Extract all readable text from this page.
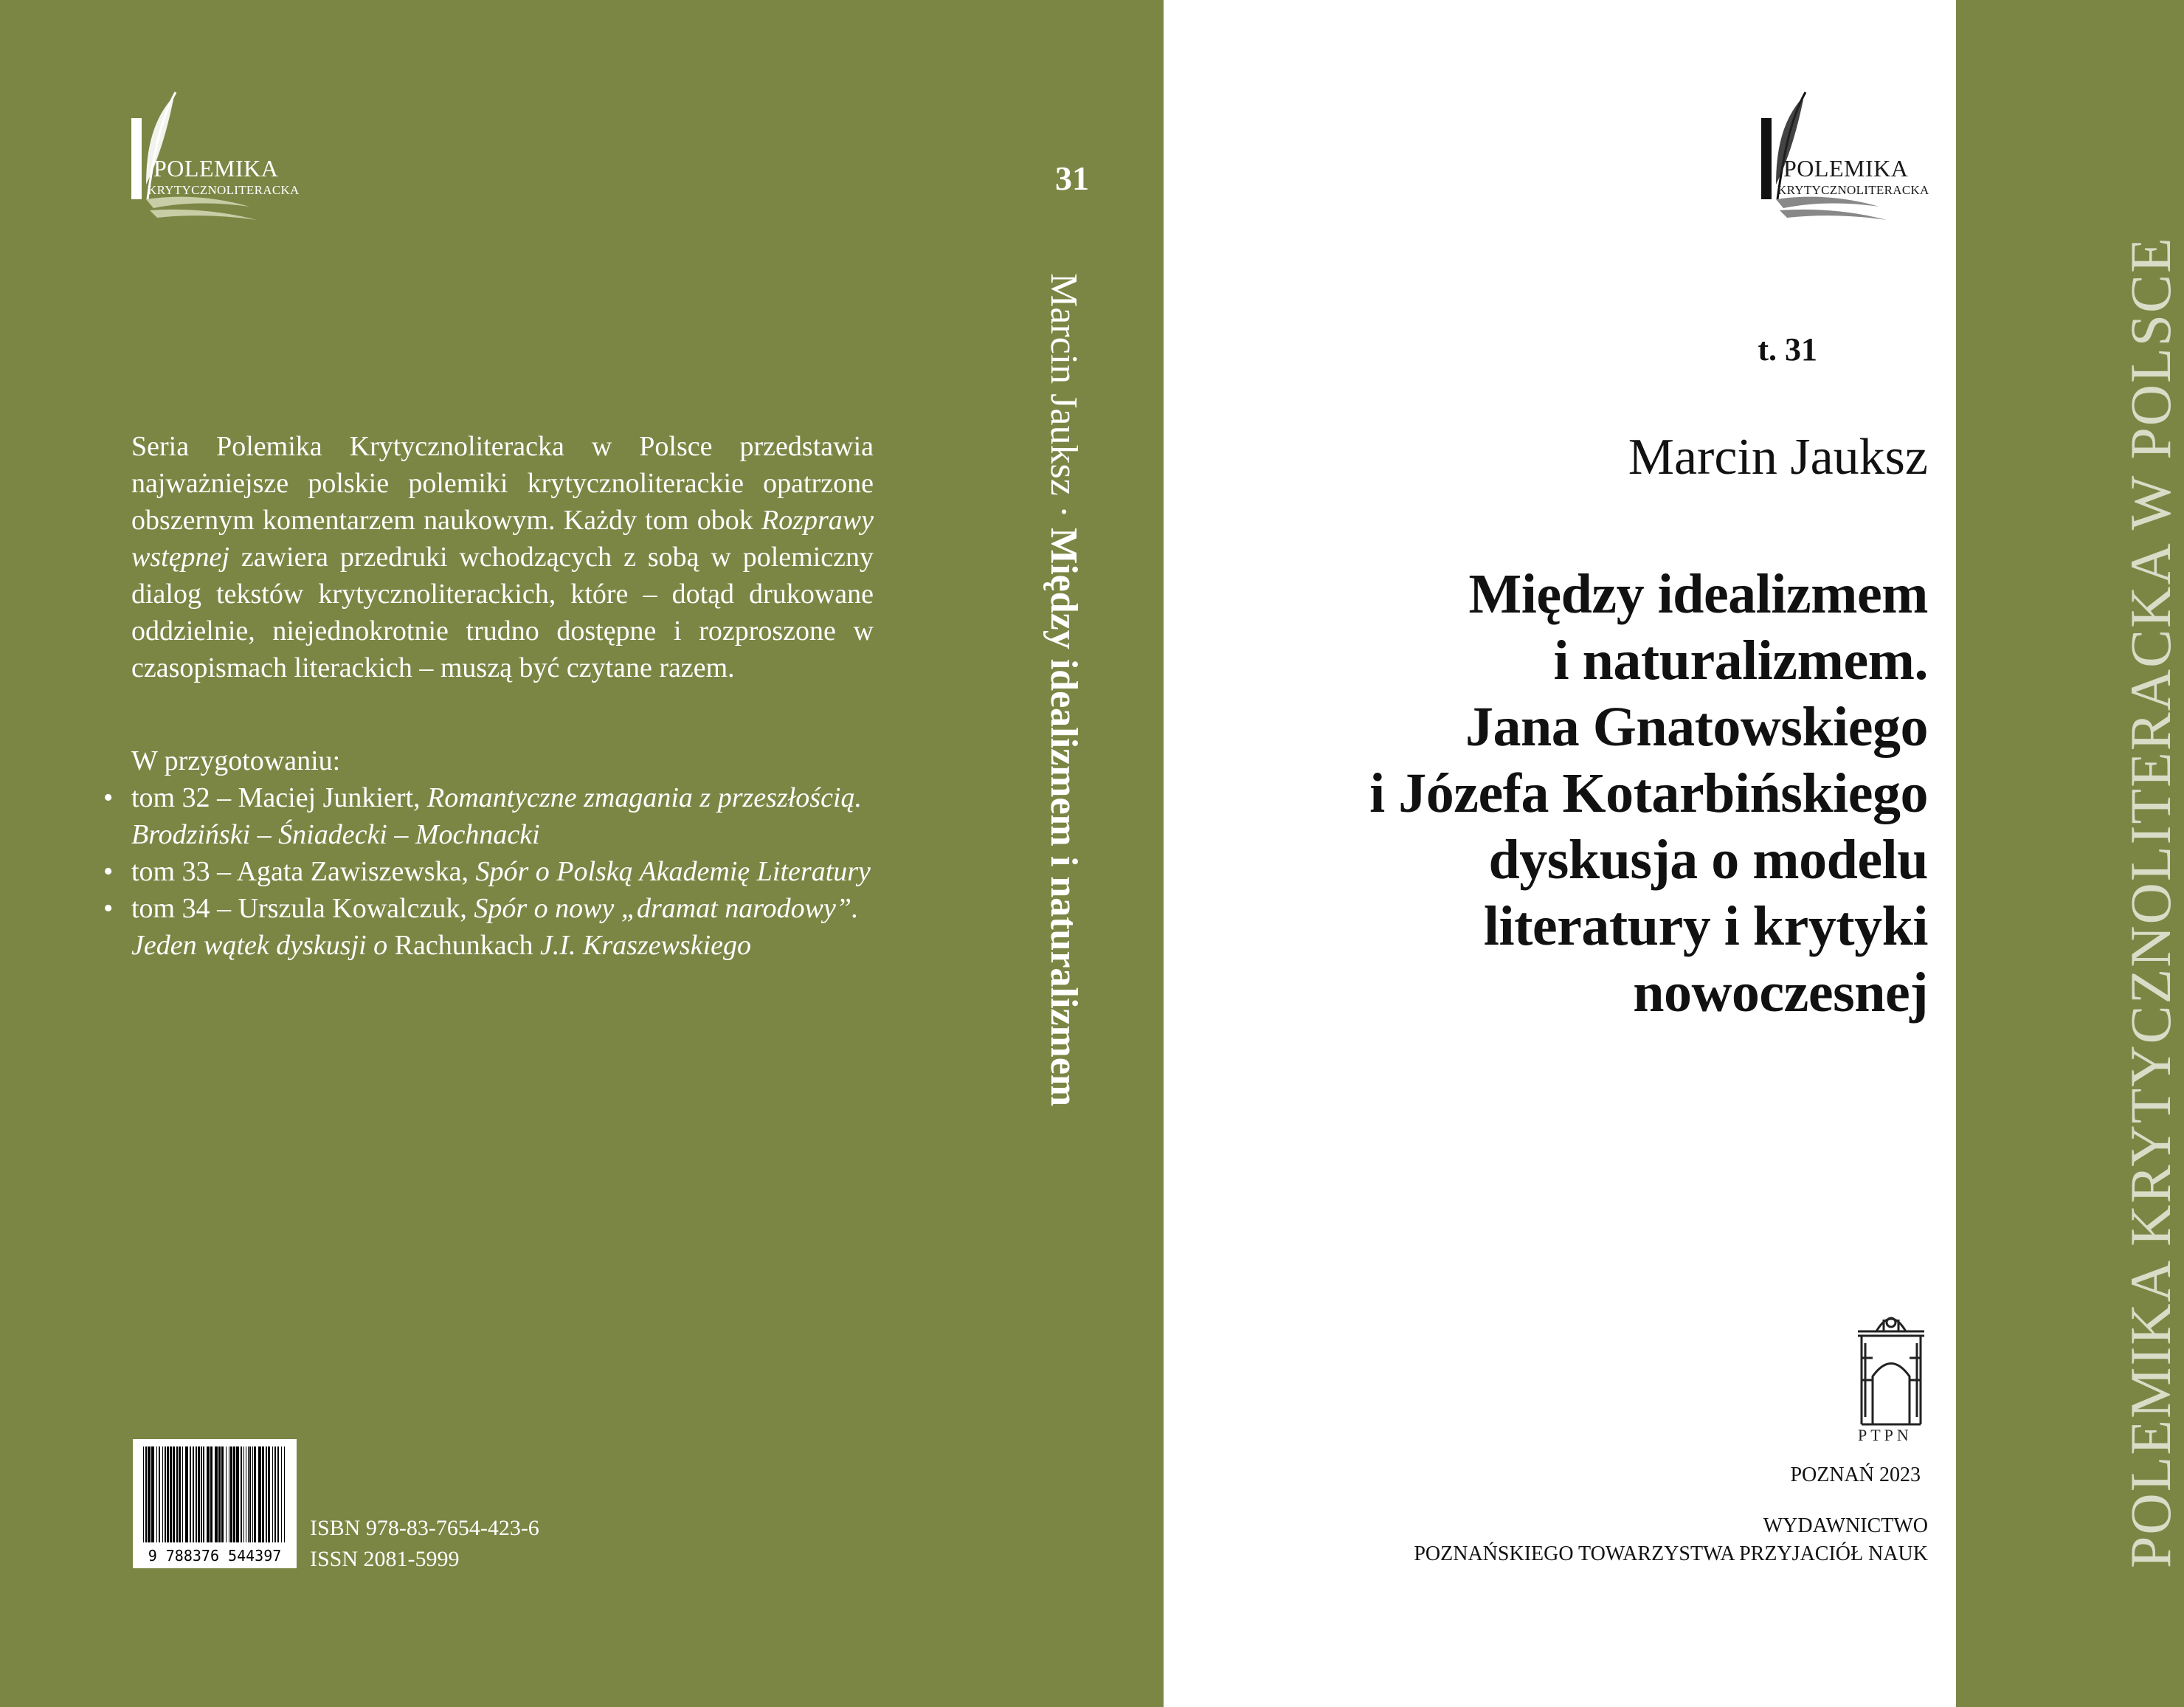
POLEMIKA
KRYTYCZNOLITERACKA
Seria Polemika Krytycznoliteracka w Polsce przedstawia najważniejsze polskie polemiki krytycznoliterackie opatrzone obszernym komentarzem naukowym. Każdy tom obok Rozprawy wstępnej zawiera przedruki wchodzących z sobą w polemiczny dialog tekstów krytycznoliterackich, które – dotąd drukowane oddzielnie, niejednokrotnie trudno dostępne i rozproszone w czasopismach literackich – muszą być czytane razem.
W przygotowaniu:
• tom 32 – Maciej Junkiert, Romantyczne zmagania z przeszłością. Brodziński – Śniadecki – Mochnacki
• tom 33 – Agata Zawiszewska, Spór o Polską Akademię Literatury
• tom 34 – Urszula Kowalczuk, Spór o nowy „dramat narodowy”. Jeden wątek dyskusji o Rachunkach J.I. Kraszewskiego
9 788376 544397
ISBN 978-83-7654-423-6
ISSN 2081-5999
31
Marcin Jauksz · Między idealizmem i naturalizmem
POLEMIKA
KRYTYCZNOLITERACKA
t. 31
Marcin Jauksz
Między idealizmem
i naturalizmem.
Jana Gnatowskiego
i Józefa Kotarbińskiego
dyskusja o modelu
literatury i krytyki
nowoczesnej
PTPN
POZNAŃ 2023
WYDAWNICTWO
POZNAŃSKIEGO TOWARZYSTWA PRZYJACIÓŁ NAUK	POLEMIKA KRYTYCZNOLITERACKA W POLSCE
